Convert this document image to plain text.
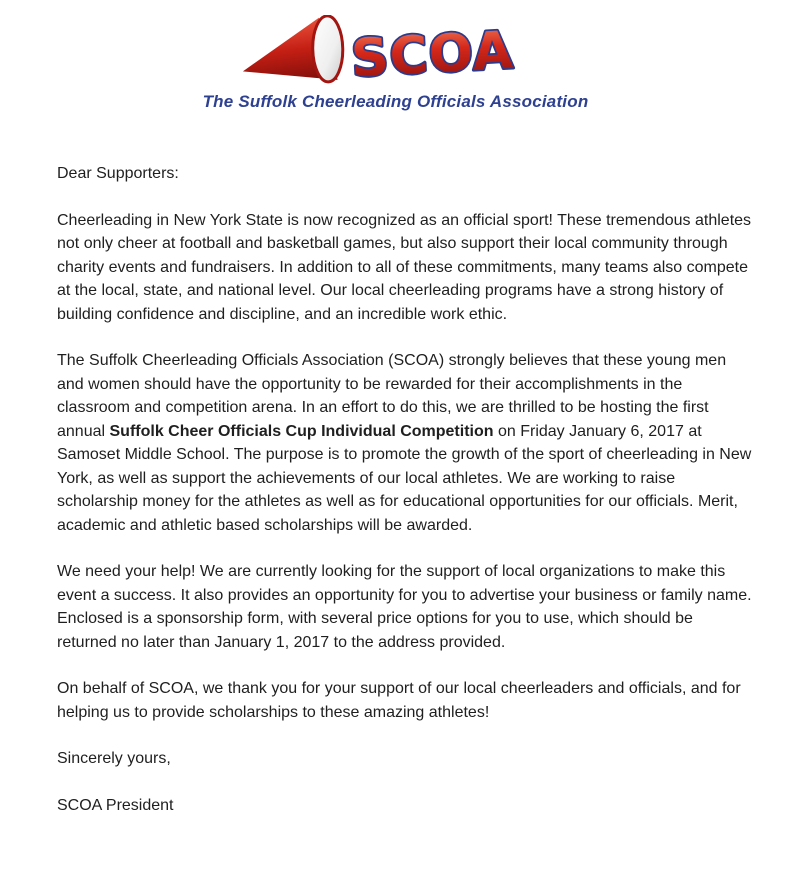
SCOA
The Suffolk Cheerleading Officials Association

Dear Supporters:

Cheerleading in New York State is now recognized as an official sport! These tremendous athletes not only cheer at football and basketball games, but also support their local community through charity events and fundraisers. In addition to all of these commitments, many teams also compete at the local, state, and national level. Our local cheerleading programs have a strong history of building confidence and discipline, and an incredible work ethic.

The Suffolk Cheerleading Officials Association (SCOA) strongly believes that these young men and women should have the opportunity to be rewarded for their accomplishments in the classroom and competition arena. In an effort to do this, we are thrilled to be hosting the first annual Suffolk Cheer Officials Cup Individual Competition on Friday January 6, 2017 at Samoset Middle School. The purpose is to promote the growth of the sport of cheerleading in New York, as well as support the achievements of our local athletes. We are working to raise scholarship money for the athletes as well as for educational opportunities for our officials. Merit, academic and athletic based scholarships will be awarded.

We need your help! We are currently looking for the support of local organizations to make this event a success. It also provides an opportunity for you to advertise your business or family name. Enclosed is a sponsorship form, with several price options for you to use, which should be returned no later than January 1, 2017 to the address provided.

On behalf of SCOA, we thank you for your support of our local cheerleaders and officials, and for helping us to provide scholarships to these amazing athletes!

Sincerely yours,

SCOA President
